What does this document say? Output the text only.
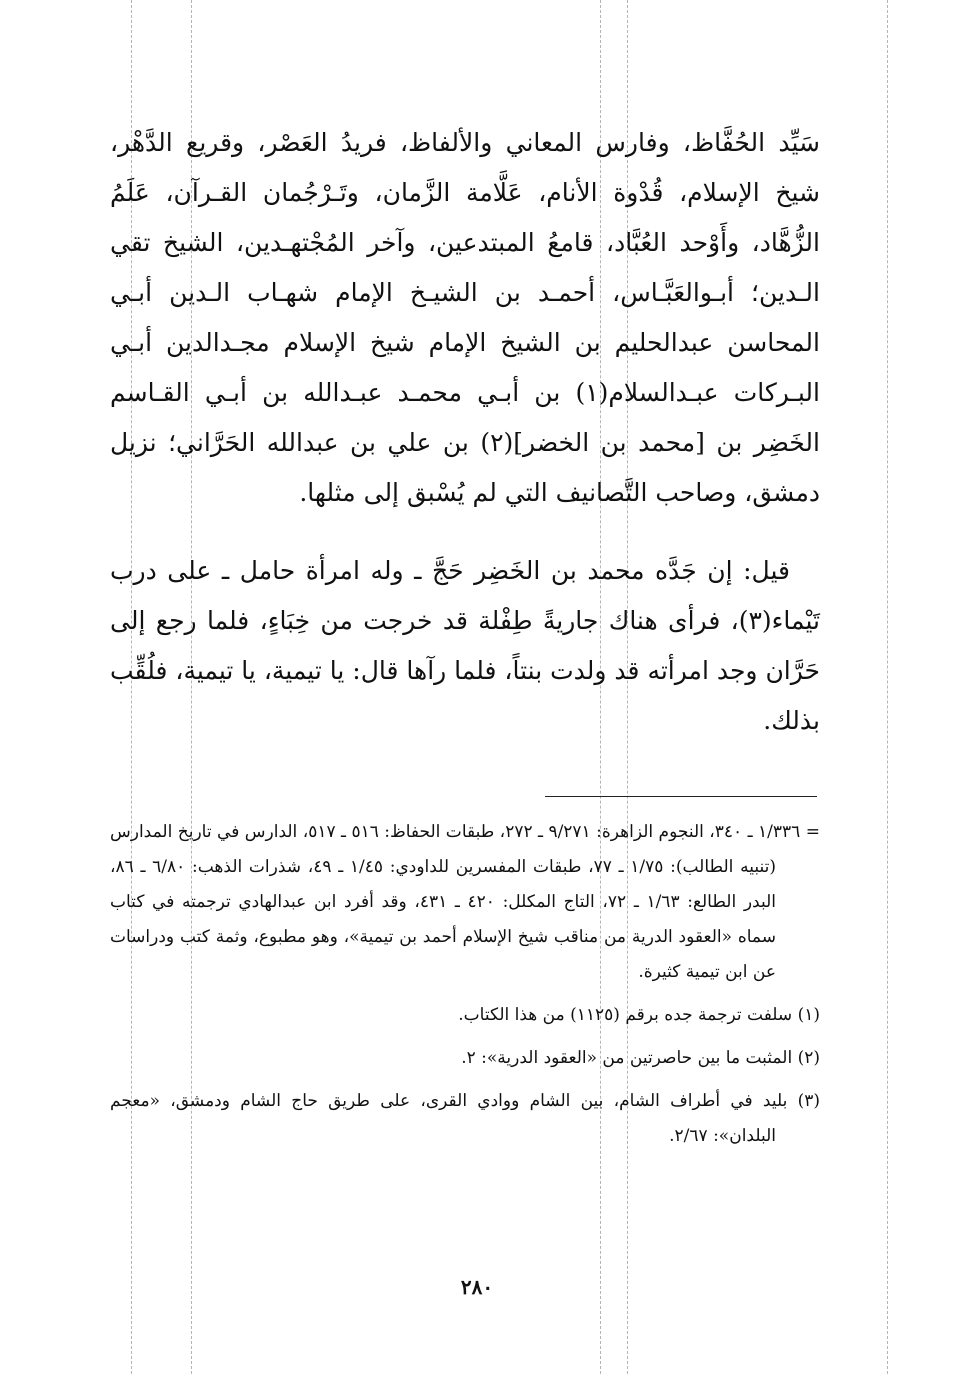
سَيِّد الحُفَّاظ، وفارس المعاني والألفاظ، فريدُ العَصْر، وقريع الدَّهْر، شيخ الإسلام، قُدْوة الأنام، عَلَّامة الزَّمان، وتَـرْجُمان القـرآن، عَلَمُ الزُّهَّاد، وأَوْحد العُبَّاد، قامعُ المبتدعين، وآخر المُجْتهـدين، الشيخ تقي الـدين؛ أبـوالعَبَّـاس، أحمـد بن الشيـخ الإمام شهـاب الـدين أبـي المحاسن عبدالحليم بن الشيخ الإمام شيخ الإسلام مجـدالدين أبـي البـركات عبـدالسلام(١) بن أبـي محمـد عبـدالله بن أبـي القـاسم الخَضِر بن [محمد بن الخضر](٢) بن علي بن عبدالله الحَرَّاني؛ نزيل دمشق، وصاحب التَّصانيف التي لم يُسْبق إلى مثلها.

قيل: إن جَدَّه محمد بن الخَضِر حَجَّ ـ وله امرأة حامل ـ على درب تَيْماء(٣)، فرأى هناك جاريةً طِفْلة قد خرجت من خِبَاءٍ، فلما رجع إلى حَرَّان وجد امرأته قد ولدت بنتاً، فلما رآها قال: يا تيمية، يا تيمية، فلُقِّب بذلك.

= ١/٣٣٦ ـ ٣٤٠، النجوم الزاهرة: ٩/٢٧١ ـ ٢٧٢، طبقات الحفاظ: ٥١٦ ـ ٥١٧، الدارس في تاريخ المدارس (تنبيه الطالب): ١/٧٥ ـ ٧٧، طبقات المفسرين للداودي: ١/٤٥ ـ ٤٩، شذرات الذهب: ٦/٨٠ ـ ٨٦، البدر الطالع: ١/٦٣ ـ ٧٢، التاج المكلل: ٤٢٠ ـ ٤٣١، وقد أفرد ابن عبدالهادي ترجمته في كتاب سماه «العقود الدرية من مناقب شيخ الإسلام أحمد بن تيمية»، وهو مطبوع، وثمة كتب ودراسات عن ابن تيمية كثيرة.

(١) سلفت ترجمة جده برقم (١١٢٥) من هذا الكتاب.

(٢) المثبت ما بين حاصرتين من «العقود الدرية»: ٢.

(٣) بليد في أطراف الشام، بين الشام ووادي القرى، على طريق حاج الشام ودمشق، «معجم البلدان»: ٢/٦٧.

٢٨٠
